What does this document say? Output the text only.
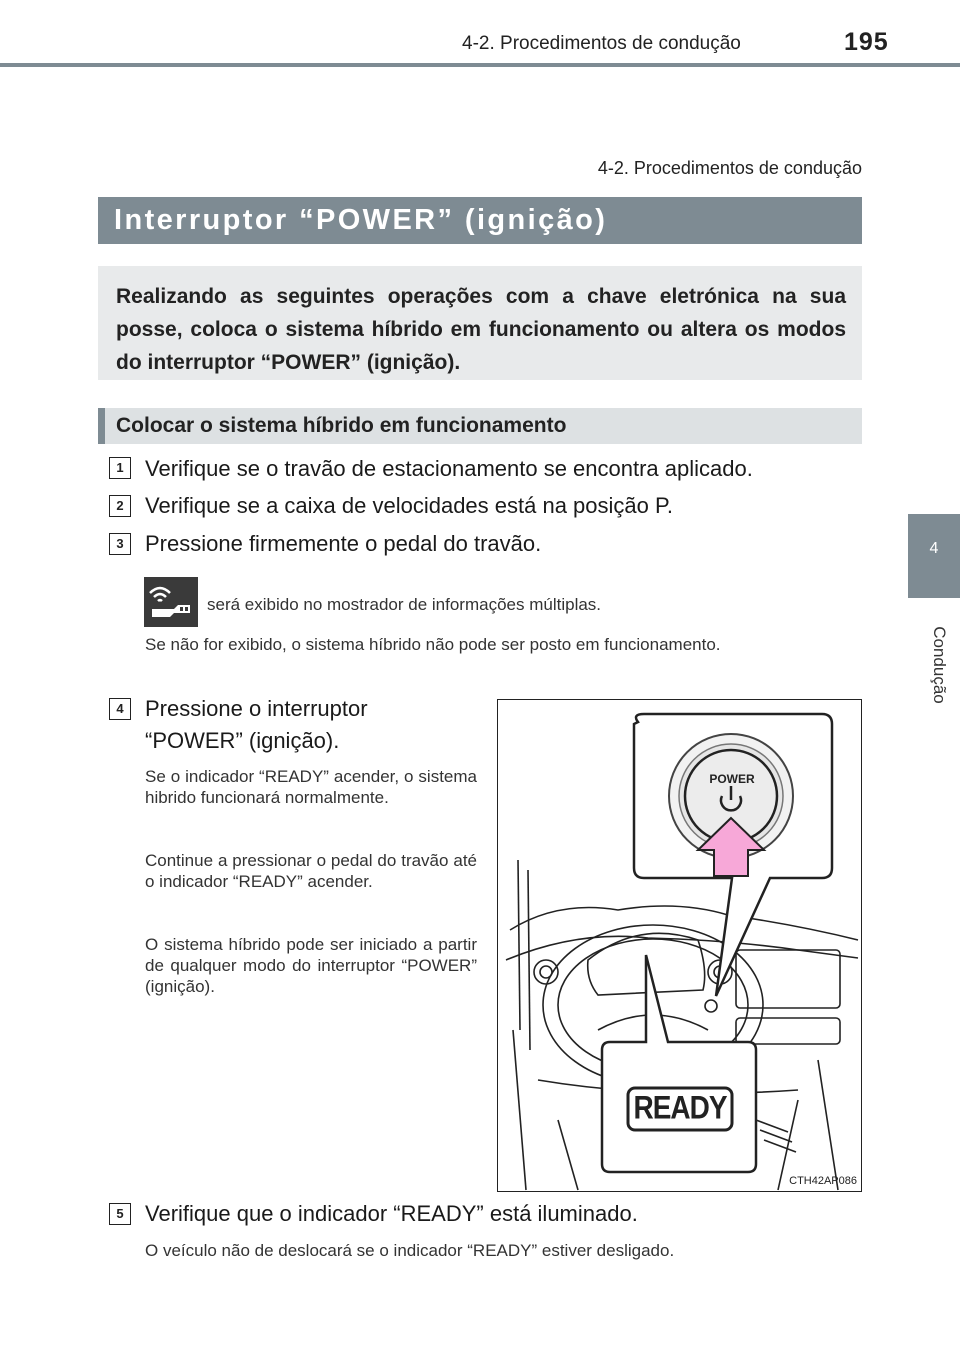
4-2. Procedimentos de condução	195
4
Condução
4-2. Procedimentos de condução
Interruptor “POWER” (ignição)
Realizando as seguintes operações com a chave eletrónica na sua posse, coloca o sistema híbrido em funcionamento ou altera os modos do interruptor “POWER” (ignição).
Colocar o sistema híbrido em funcionamento
1 Verifique se o travão de estacionamento se encontra aplicado.
2 Verifique se a caixa de velocidades está na posição P.
3 Pressione firmemente o pedal do travão.
será exibido no mostrador de informações múltiplas.
Se não for exibido, o sistema híbrido não pode ser posto em funcionamento.
4 Pressione o interruptor
“POWER” (ignição).
Se o indicador “READY” acender, o sistema hibrido funcionará normalmente.
Continue a pressionar o pedal do travão até o indicador “READY” acender.
O sistema híbrido pode ser iniciado a partir de qualquer modo do interruptor “POWER” (ignição).
POWER
READY
CTH42AP086
5 Verifique que o indicador “READY” está iluminado.
O veículo não de deslocará se o indicador “READY” estiver desligado.
